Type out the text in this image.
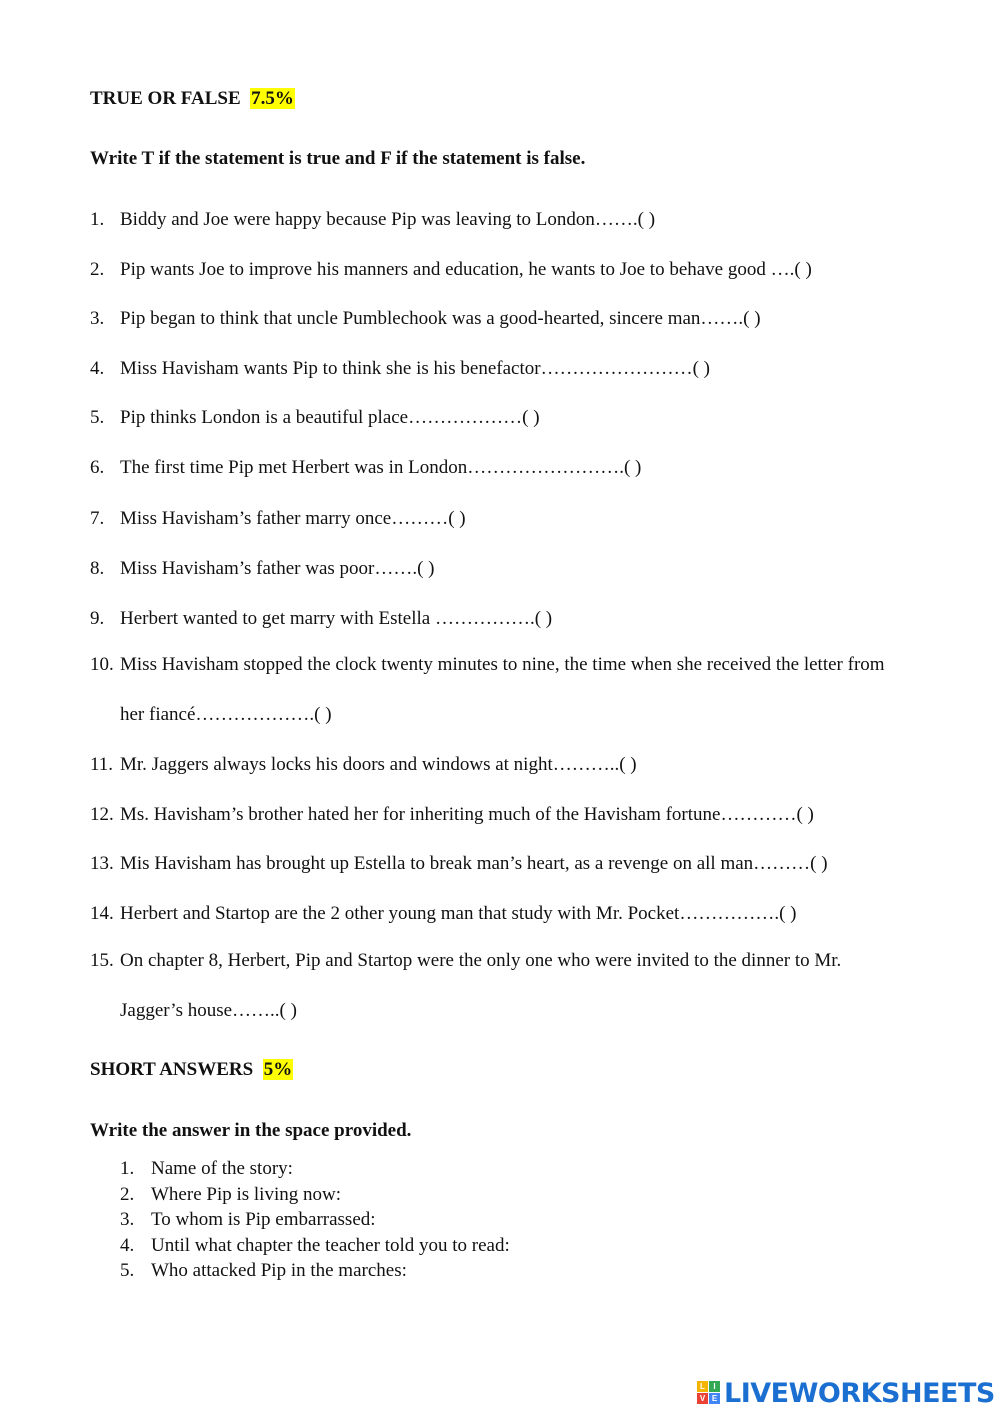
TRUE OR FALSE 7.5%
Write T if the statement is true and F if the statement is false.
1. Biddy and Joe were happy because Pip was leaving to London…….( )
2. Pip wants Joe to improve his manners and education, he wants to Joe to behave good ….( )
3. Pip began to think that uncle Pumblechook was a good-hearted, sincere man…….( )
4. Miss Havisham wants Pip to think she is his benefactor……………………( )
5. Pip thinks London is a beautiful place………………( )
6. The first time Pip met Herbert was in London…………………….( )
7. Miss Havisham’s father marry once………( )
8. Miss Havisham’s father was poor…….( )
9. Herbert wanted to get marry with Estella …………….( )
10. Miss Havisham stopped the clock twenty minutes to nine, the time when she received the letter from
her fiancé……………….( )
11. Mr. Jaggers always locks his doors and windows at night………..( )
12. Ms. Havisham’s brother hated her for inheriting much of the Havisham fortune…………( )
13. Mis Havisham has brought up Estella to break man’s heart, as a revenge on all man………( )
14. Herbert and Startop are the 2 other young man that study with Mr. Pocket…………….( )
15. On chapter 8, Herbert, Pip and Startop were the only one who were invited to the dinner to Mr.
Jagger’s house……..( )
SHORT ANSWERS 5%
Write the answer in the space provided.
1. Name of the story:
2. Where Pip is living now:
3. To whom is Pip embarrassed:
4. Until what chapter the teacher told you to read:
5. Who attacked Pip in the marches:
L	I
V E LIVEWORKSHEETS
